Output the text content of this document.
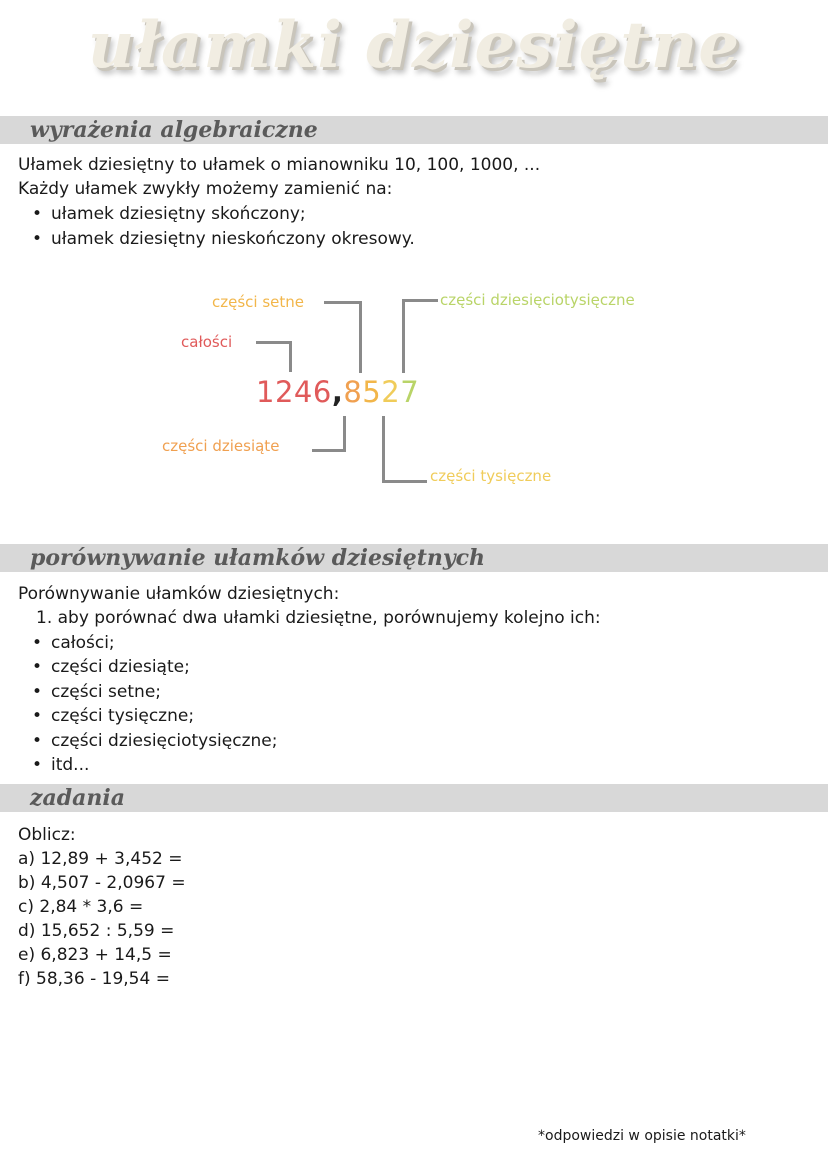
ułamki dziesiętne
wyrażenia algebraiczne
Ułamek dziesiętny to ułamek o mianowniku 10, 100, 1000, ...
Każdy ułamek zwykły możemy zamienić na:
• ułamek dziesiętny skończony;
• ułamek dziesiętny nieskończony okresowy.
1246,8527
części setne	części dziesięciotysięczne
całości
części dziesiąte
części tysięczne
porównywanie ułamków dziesiętnych
Porównywanie ułamków dziesiętnych:
1. aby porównać dwa ułamki dziesiętne, porównujemy kolejno ich:
• całości;
• części dziesiąte;
• części setne;
• części tysięczne;
• części dziesięciotysięczne;
• itd...
zadania
Oblicz:
a) 12,89 + 3,452 =
b) 4,507 - 2,0967 =
c) 2,84 * 3,6 =
d) 15,652 : 5,59 =
e) 6,823 + 14,5 =
f) 58,36 - 19,54 =
*odpowiedzi w opisie notatki*
